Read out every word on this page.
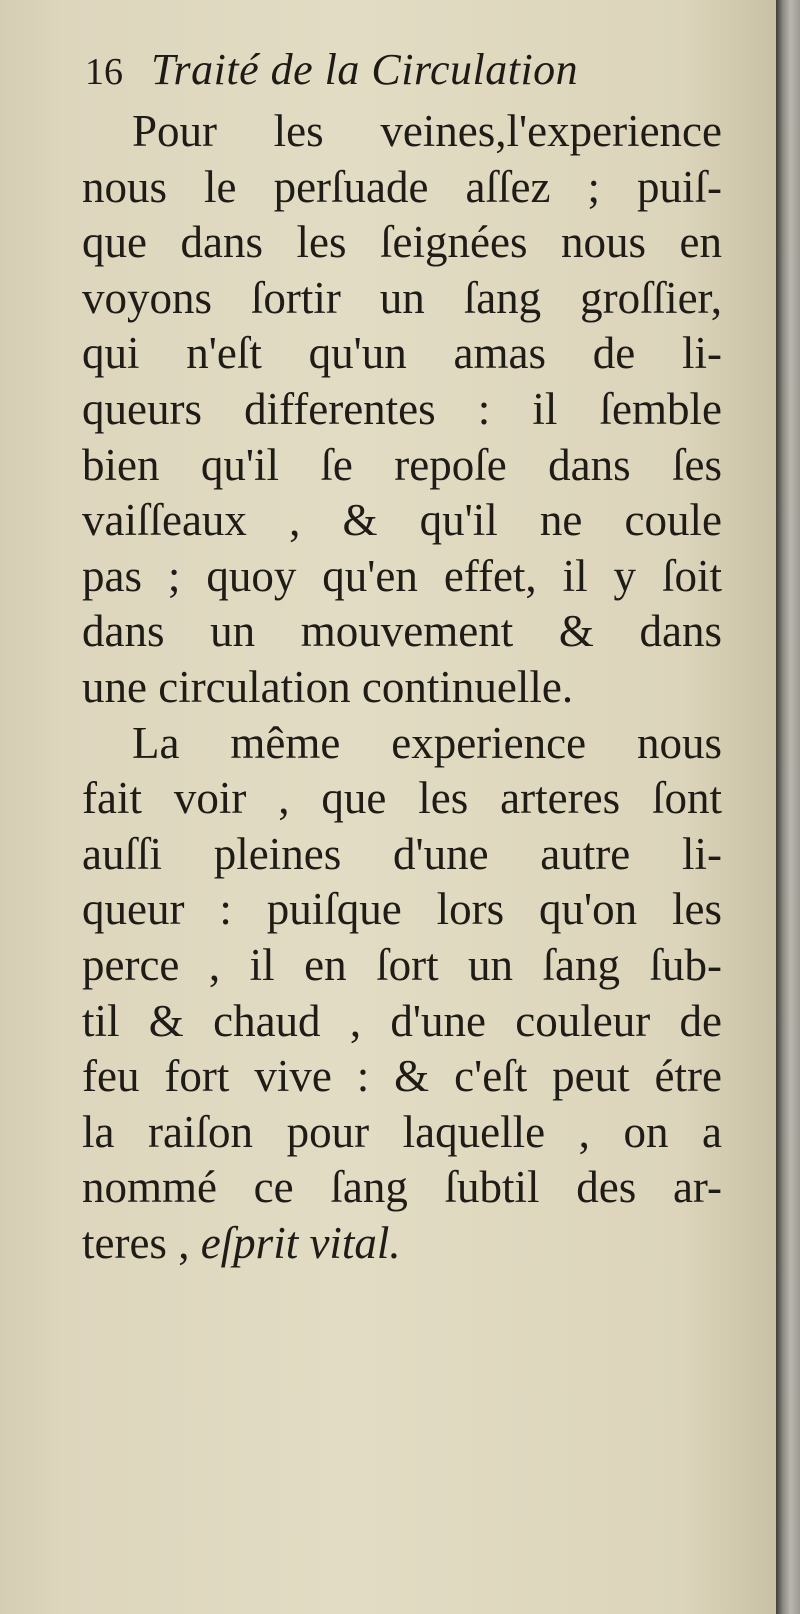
16 Traité de la Circulation
Pour les veines,l'experience
nous le perſuade aſſez ; puiſ-
que dans les ſeignées nous en
voyons ſortir un ſang groſſier,
qui n'eſt qu'un amas de li-
queurs differentes : il ſemble
bien qu'il ſe repoſe dans ſes
vaiſſeaux , & qu'il ne coule
pas ; quoy qu'en effet, il y ſoit
dans un mouvement & dans
une circulation continuelle.
La même experience nous
fait voir , que les arteres ſont
auſſi pleines d'une autre li-
queur : puiſque lors qu'on les
perce , il en ſort un ſang ſub-
til & chaud , d'une couleur de
feu fort vive : & c'eſt peut étre
la raiſon pour laquelle , on a
nommé ce ſang ſubtil des ar-
teres , eſprit vital.
